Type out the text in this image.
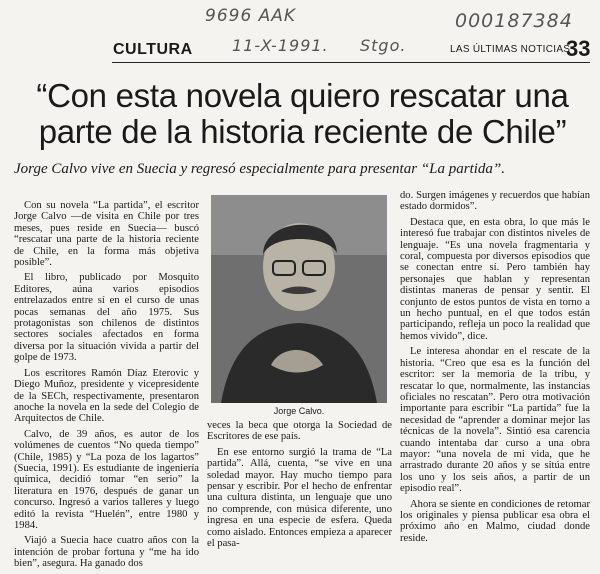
9696 AAK
11-X-1991. Stgo.
000187384
CULTURA	LAS ÚLTIMAS NOTICIAS
33
“Con esta novela quiero rescatar una parte de la historia reciente de Chile”

Jorge Calvo vive en Suecia y regresó especialmente para presentar “La partida”.

Con su novela “La partida”, el escritor Jorge Calvo —de visita en Chile por tres meses, pues reside en Suecia— buscó “rescatar una parte de la historia reciente de Chile, en la forma más objetiva posible”.

El libro, publicado por Mosquito Editores, aúna varios episodios entrelazados entre sí en el curso de unas pocas semanas del año 1975. Sus protagonistas son chilenos de distintos sectores sociales afectados en forma diversa por la situación vivida a partir del golpe de 1973.

Los escritores Ramón Díaz Eterovic y Diego Muñoz, presidente y vicepresidente de la SECh, respectivamente, presentaron anoche la novela en la sede del Colegio de Arquitectos de Chile.

Calvo, de 39 años, es autor de los volúmenes de cuentos “No queda tiempo” (Chile, 1985) y “La poza de los lagartos” (Suecia, 1991). Es estudiante de ingeniería química, decidió tomar “en serio” la literatura en 1976, después de ganar un concurso. Ingresó a varios talleres y luego editó la revista “Huelén”, entre 1980 y 1984.

Viajó a Suecia hace cuatro años con la intención de probar fortuna y “me ha ido bien”, asegura. Ha ganado dos

Jorge Calvo.

veces la beca que otorga la Sociedad de Escritores de ese país.

En ese entorno surgió la trama de “La partida”. Allá, cuenta, “se vive en una soledad mayor. Hay mucho tiempo para pensar y escribir. Por el hecho de enfrentar una cultura distinta, un lenguaje que uno no comprende, con música diferente, uno ingresa en una especie de esfera. Queda como aislado. Entonces empieza a aparecer el pasa-

do. Surgen imágenes y recuerdos que habían estado dormidos”.

Destaca que, en esta obra, lo que más le interesó fue trabajar con distintos niveles de lenguaje. “Es una novela fragmentaria y coral, compuesta por diversos episodios que se conectan entre sí. Pero también hay personajes que hablan y representan distintas maneras de pensar y sentir. El conjunto de estos puntos de vista en torno a un hecho puntual, en el que todos están participando, refleja un poco la realidad que hemos vivido”, dice.

Le interesa ahondar en el rescate de la historia. “Creo que esa es la función del escritor: ser la memoria de la tribu, y rescatar lo que, normalmente, las instancias oficiales no rescatan”. Pero otra motivación importante para escribir “La partida” fue la necesidad de “aprender a dominar mejor las técnicas de la novela”. Sintió esa carencia cuando intentaba dar curso a una obra mayor: “una novela de mi vida, que he arrastrado durante 20 años y se sitúa entre los uno y los seis años, a partir de un episodio real”.

Ahora se siente en condiciones de retomar los originales y piensa publicar esa obra el próximo año en Malmo, ciudad donde reside.
